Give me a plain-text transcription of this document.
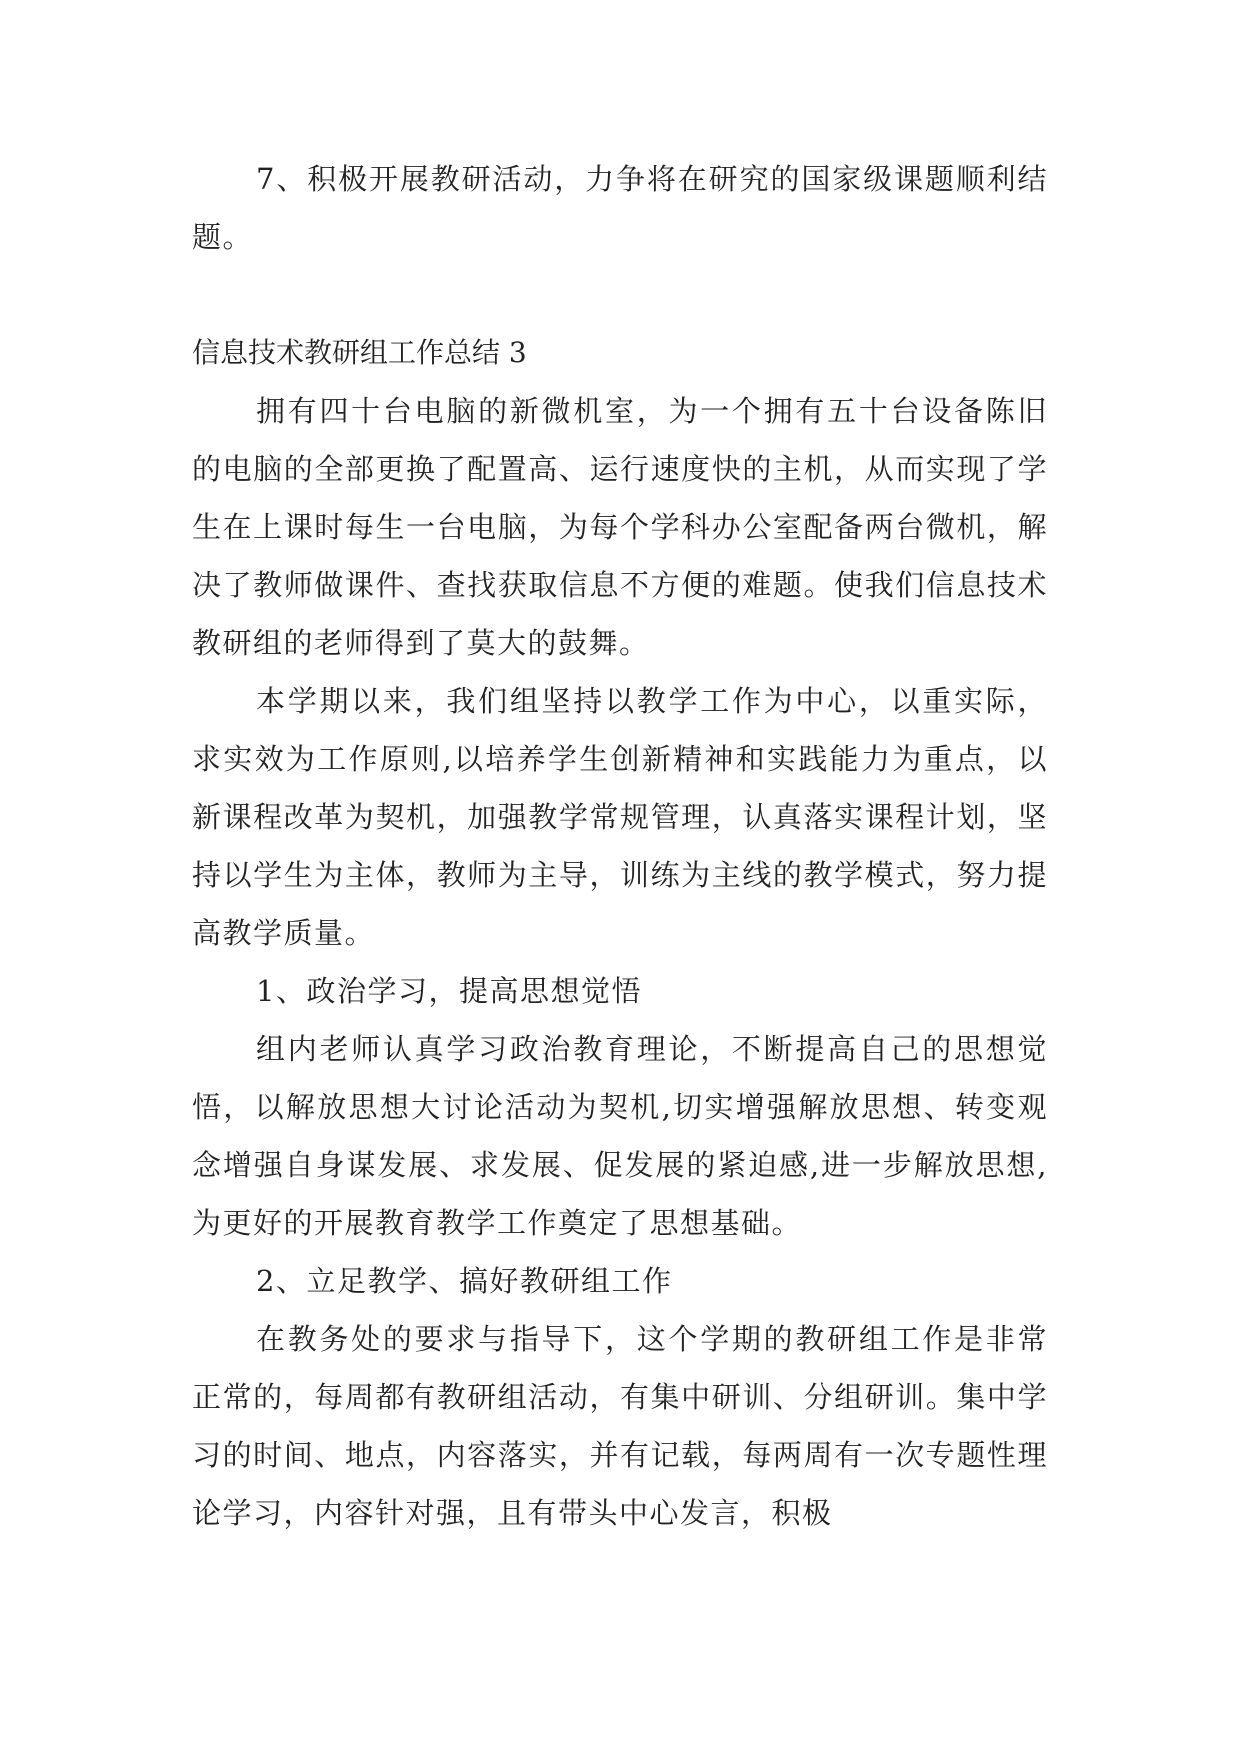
7、积极开展教研活动，力争将在研究的国家级课题顺利结题。

信息技术教研组工作总结 3

拥有四十台电脑的新微机室，为一个拥有五十台设备陈旧的电脑的全部更换了配置高、运行速度快的主机，从而实现了学生在上课时每生一台电脑，为每个学科办公室配备两台微机，解决了教师做课件、查找获取信息不方便的难题。使我们信息技术教研组的老师得到了莫大的鼓舞。

本学期以来，我们组坚持以教学工作为中心，以重实际，求实效为工作原则,以培养学生创新精神和实践能力为重点，以新课程改革为契机，加强教学常规管理，认真落实课程计划，坚持以学生为主体，教师为主导，训练为主线的教学模式，努力提高教学质量。

1、政治学习，提高思想觉悟

组内老师认真学习政治教育理论，不断提高自己的思想觉悟，以解放思想大讨论活动为契机,切实增强解放思想、转变观念增强自身谋发展、求发展、促发展的紧迫感,进一步解放思想,为更好的开展教育教学工作奠定了思想基础。

2、立足教学、搞好教研组工作

在教务处的要求与指导下，这个学期的教研组工作是非常正常的，每周都有教研组活动，有集中研训、分组研训。集中学习的时间、地点，内容落实，并有记载，每两周有一次专题性理论学习，内容针对强，且有带头中心发言，积极
